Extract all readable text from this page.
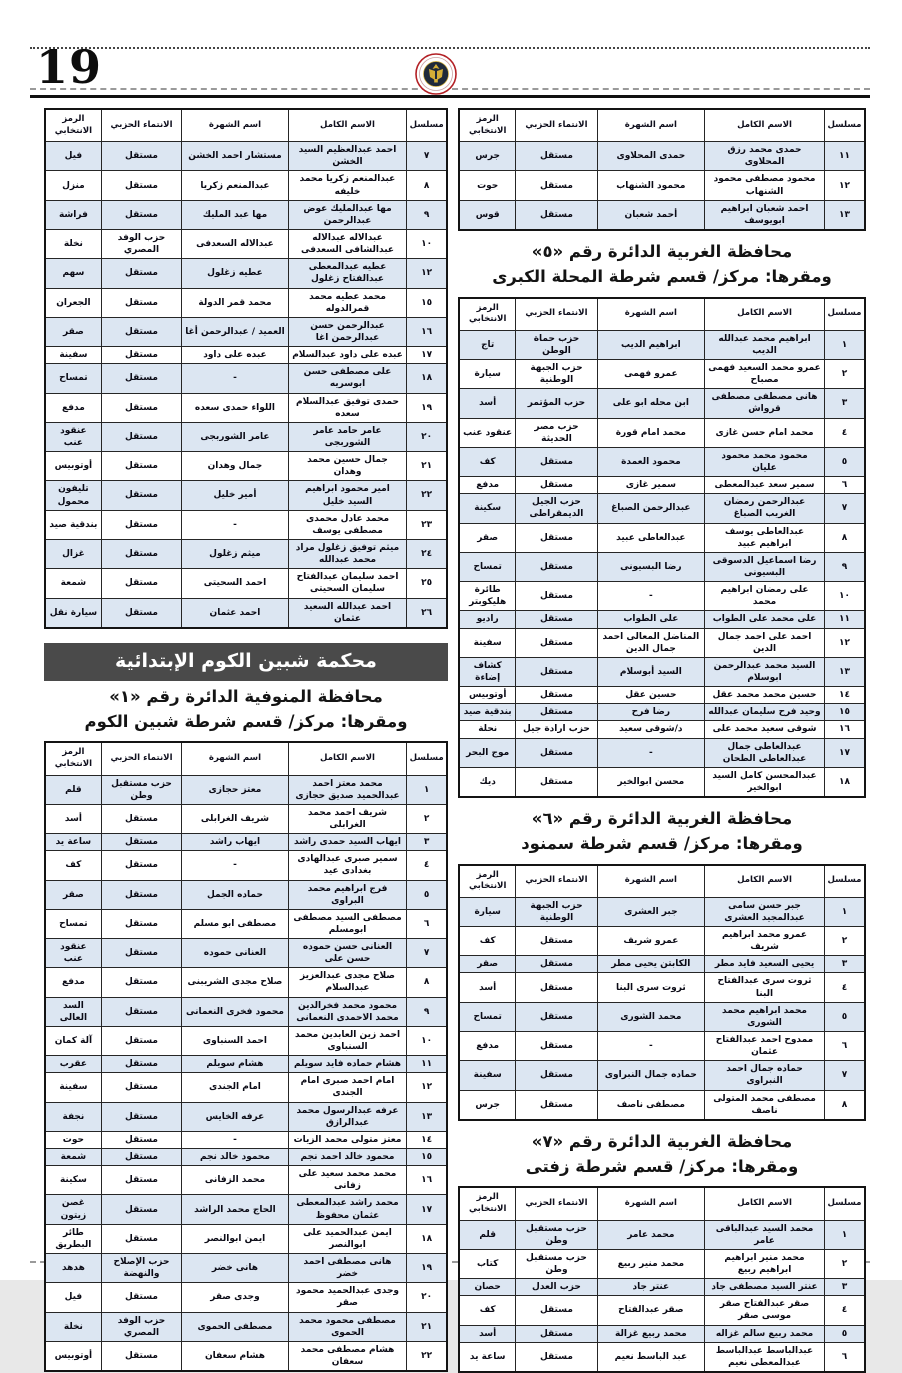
19
مسلسل	الاسم الكامل	اسم الشهرة	الانتماء الحزبي	الرمز الانتخابي
١١	حمدى محمد رزق المحلاوى	حمدى المحلاوى	مستقل	جرس
١٢	محمود مصطفى محمود الشنهاب	محمود الشنهاب	مستقل	حوت
١٣	احمد شعبان ابراهيم ابويوسف	أحمد شعبان	مستقل	قوس
محافظة الغربية الدائرة رقم «٥»
ومقرها: مركز/ قسم شرطة المحلة الكبرى
مسلسل	الاسم الكامل	اسم الشهرة	الانتماء الحزبي	الرمز الانتخابي
١	ابراهيم محمد عبدالله الديب	ابراهيم الديب	حزب حماة الوطن	تاج
٢	عمرو محمد السعيد فهمى مصباح	عمرو فهمى	حزب الجبهة الوطنية	سيارة
٣	هانى مصطفى مصطفى قرواش	ابن محله ابو على	حزب المؤتمر	أسد
٤	محمد امام حسن غازى	محمد امام قورة	حزب مصر الحديثة	عنقود عنب
٥	محمود محمد محمود عليان	محمود العمدة	مستقل	كف
٦	سمير سعد عبدالمعطى	سمير غازى	مستقل	مدفع
٧	عبدالرحمن رمضان الغريب الصباغ	عبدالرحمن الصباغ	حزب الجيل الديمقراطى	سكينة
٨	عبدالعاطى يوسف ابراهيم عبيد	عبدالعاطى عبيد	مستقل	صقر
٩	رضا اسماعيل الدسوقى البسيونى	رضا البسيونى	مستقل	تمساح
١٠	على رمضان ابراهيم محمد	-	مستقل	طائرة هليكوبتر
١١	على محمد على الطواب	على الطواب	مستقل	راديو
١٢	احمد على احمد جمال الدين	المناضل المعالى احمد جمال الدين	مستقل	سفينة
١٣	السيد محمد عبدالرحمن ابوسلام	السيد أبوسلام	مستقل	كشاف إضاءة
١٤	حسين محمد محمد عقل	حسين عقل	مستقل	أوتوبيس
١٥	وحيد فرح سليمان عبدالله	رضا فرح	مستقل	بندقية صيد
١٦	شوقى سعيد محمد على	د/شوقى سعيد	حزب ارادة جيل	نحلة
١٧	عبدالعاطى جمال عبدالعاطى الطحان	-	مستقل	موج البحر
١٨	عبدالمحسن كامل السيد ابوالخير	محسن ابوالخير	مستقل	ديك
محافظة الغربية الدائرة رقم «٦»
ومقرها: مركز/ قسم شرطة سمنود
مسلسل	الاسم الكامل	اسم الشهرة	الانتماء الحزبي	الرمز الانتخابي
١	جبر حسن سامى عبدالمجيد العشرى	جبر العشرى	حزب الجبهة الوطنية	سيارة
٢	عمرو محمد ابراهيم شريف	عمرو شريف	مستقل	كف
٣	يحيى السعيد فايد مطر	الكابتن يحيى مطر	مستقل	صقر
٤	ثروت سرى عبدالفتاح البنا	ثروت سرى البنا	مستقل	أسد
٥	محمد ابراهيم محمد الشورى	محمد الشورى	مستقل	تمساح
٦	ممدوح احمد عبدالفتاح عثمان	-	مستقل	مدفع
٧	حماده جمال احمد النبراوى	حماده جمال النبراوى	مستقل	سفينة
٨	مصطفى محمد المتولى ناصف	مصطفى ناصف	مستقل	جرس
محافظة الغربية الدائرة رقم «٧»
ومقرها: مركز/ قسم شرطة زفتى
مسلسل	الاسم الكامل	اسم الشهرة	الانتماء الحزبي	الرمز الانتخابي
١	محمد السيد عبدالباقى عامر	محمد عامر	حزب مستقبل وطن	قلم
٢	محمد منير ابراهيم ابراهيم ربيع	محمد منير ربيع	حزب مستقبل وطن	كتاب
٣	عنتر السيد مصطفى جاد	عنتر جاد	حزب العدل	حصان
٤	صقر عبدالفتاح صقر موسى صقر	صقر عبدالفتاح	مستقل	كف
٥	محمد ربيع سالم غزاله	محمد ربيع غزالة	مستقل	أسد
٦	عبدالباسط عبدالباسط عبدالمعطى نعيم	عبد الباسط نعيم	مستقل	ساعة يد
مسلسل	الاسم الكامل	اسم الشهرة	الانتماء الحزبي	الرمز الانتخابي
٧	احمد عبدالعظيم السيد الخشن	مستشار احمد الخشن	مستقل	فيل
٨	عبدالمنعم زكريا محمد خليفه	عبدالمنعم زكريا	مستقل	منزل
٩	مها عبدالمليك عوض عبدالرحمن	مها عبد المليك	مستقل	فراشة
١٠	عبدالاله عبدالاله عبدالشافى السعدفى	عبدالاله السعدفى	حزب الوفد المصري	نخلة
١٢	عطيه عبدالمعطى عبدالفتاح زغلول	عطيه زغلول	مستقل	سهم
١٥	محمد عطيه محمد قمرالدوله	محمد قمر الدولة	مستقل	الجعران
١٦	عبدالرحمن حسن عبدالرحمن اغا	العميد / عبدالرحمن أغا	مستقل	صقر
١٧	عبده على داود عبدالسلام	عبده على داود	مستقل	سفينة
١٨	على مصطفى حسن ابوسريه	-	مستقل	تمساح
١٩	حمدى توفيق عبدالسلام سعده	اللواء حمدى سعده	مستقل	مدفع
٢٠	عامر حامد عامر الشوربجى	عامر الشوربجى	مستقل	عنقود عنب
٢١	جمال حسين محمد وهدان	جمال وهدان	مستقل	أوتوبيس
٢٢	امير محمود ابراهيم السيد خليل	أمير خليل	مستقل	تليفون محمول
٢٣	محمد عادل محمدى مصطفى يوسف	-	مستقل	بندقية صيد
٢٤	ميثم توفيق زغلول مراد محمد عبدالله	ميثم زغلول	مستقل	غزال
٢٥	احمد سليمان عبدالفتاح سليمان السحيتى	احمد السحيتى	مستقل	شمعة
٢٦	احمد عبدالله السعيد عثمان	احمد عثمان	مستقل	سيارة نقل
محكمة شبين الكوم الإبتدائية
محافظة المنوفية الدائرة رقم «١»
ومقرها: مركز/ قسم شرطة شبين الكوم
مسلسل	الاسم الكامل	اسم الشهرة	الانتماء الحزبي	الرمز الانتخابي
١	محمد معتز احمد عبدالحميد صديق حجازى	معتز حجازى	حزب مستقبل وطن	قلم
٢	شريف احمد محمد الغرابلى	شريف الغرابلى	مستقل	أسد
٣	ايهاب السيد حمدى راشد	ايهاب راشد	مستقل	ساعة يد
٤	سمير صبرى عبدالهادى بغدادى عيد	-	مستقل	كف
٥	فرج ابراهيم محمد البراوى	حماده الجمل	مستقل	صقر
٦	مصطفى السيد مصطفى ابومسلم	مصطفى ابو مسلم	مستقل	تمساح
٧	العنانى حسن حموده حسن على	العنانى حموده	مستقل	عنقود عنب
٨	صلاح مجدى عبدالعزيز عبدالسلام	صلاح مجدى الشريبنى	مستقل	مدفع
٩	محمود محمد فخرالدين محمد الاحمدى النعمانى	محمود فخرى النعمانى	مستقل	السد العالى
١٠	احمد زين العابدين محمد السنباوى	احمد السنباوى	مستقل	آلة كمان
١١	هشام حماده فايد سويلم	هشام سويلم	مستقل	عقرب
١٢	امام احمد صبرى امام الجندى	امام الجندى	مستقل	سفينة
١٣	عرفه عبدالرسول محمد عبدالرازق	عرفه الخايس	مستقل	نجفة
١٤	معتز متولى محمد الزيات	-	مستقل	حوت
١٥	محمود خالد احمد نجم	محمود خالد نجم	مستقل	شمعة
١٦	محمد محمد سعيد على زفانى	محمد الزفانى	مستقل	سكينة
١٧	محمد راشد عبدالمعطى عثمان محفوظ	الحاج محمد الراشد	مستقل	غصن زيتون
١٨	ايمن عبدالحميد على ابوالنصر	ايمن ابوالنصر	مستقل	طائر البطريق
١٩	هانى مصطفى احمد خضر	هانى خضر	حزب الإصلاح والنهضة	هدهد
٢٠	وجدى عبدالحميد محمود صقر	وجدى صقر	مستقل	فيل
٢١	مصطفى محمود محمد الحموى	مصطفى الحموى	حزب الوفد المصري	نخلة
٢٢	هشام مصطفى محمد سعفان	هشام سعفان	مستقل	أوتوبيس
